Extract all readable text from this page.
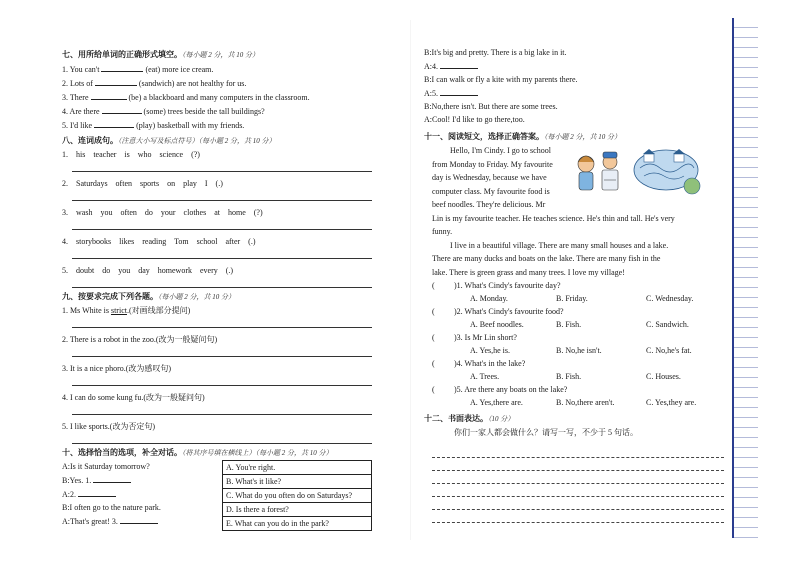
七、用所给单词的正确形式填空。（每小题 2 分，共 10 分）
1. You can't	(eat) more ice cream.
2. Lots of	(sandwich) are not healthy for us.
3. There	(be) a blackboard and many computers in the classroom.
4. Are there	(some) trees beside the tall buildings?
5. I'd like	(play) basketball with my friends.
八、连词成句。（注意大小写及标点符号）（每小题 2 分，共 10 分）
1. his teacher is who science (?)
2. Saturdays often sports on play I (.)
3. wash you often do your clothes at home (?)
4. storybooks likes reading Tom school after (.)
5. doubt do you day homework every (.)
九、按要求完成下列各题。（每小题 2 分，共 10 分）
1. Ms White is strict.(对画线部分提问)
2. There is a robot in the zoo.(改为一般疑问句)
3. It is a nice phoro.(改为感叹句)
4. I can do some kung fu.(改为一般疑问句)
5. I like sports.(改为否定句)
十、选择恰当的选项，补全对话。（将其序号填在横线上）（每小题 2 分，共 10 分）
A:Is it Saturday tomorrow?
B:Yes. 1.
A:2.
B:I often go to the nature park.
A:That's great! 3.
A. You're right.
B. What's it like?
C. What do you often do on Saturdays?
D. Is there a forest?
E. What can you do in the park?
B:It's big and pretty. There is a big lake in it.
A:4.
B:I can walk or fly a kite with my parents there.
A:5.
B:No,there isn't. But there are some trees.
A:Cool! I'd like to go there,too.
十一、阅读短文，选择正确答案。（每小题 2 分，共 10 分）
Hello, I'm Cindy. I go to school
from Monday to Friday. My favourite
day is Wednesday, because we have
computer class. My favourite food is
beef noodles. They're delicious. Mr
Lin is my favourite teacher. He teaches science. He's thin and tall. He's very
funny.
I live in a beautiful village. There are many small houses and a lake.
There are many ducks and boats on the lake. There are many fish in the
lake. There is green grass and many trees. I love my village!
( )1. What's Cindy's favourite day?
A. Monday.	B. Friday.	C. Wednesday.
( )2. What's Cindy's favourite food?
A. Beef noodles.	B. Fish.	C. Sandwich.
( )3. Is Mr Lin short?
A. Yes,he is.	B. No,he isn't.	C. No,he's fat.
( )4. What's in the lake?
A. Trees.	B. Fish.	C. Houses.
( )5. Are there any boats on the lake?
A. Yes,there are.	B. No,there aren't.	C. Yes,they are.
十二、书面表达。（10 分）
你们一家人都会做什么？请写一写，不少于 5 句话。
